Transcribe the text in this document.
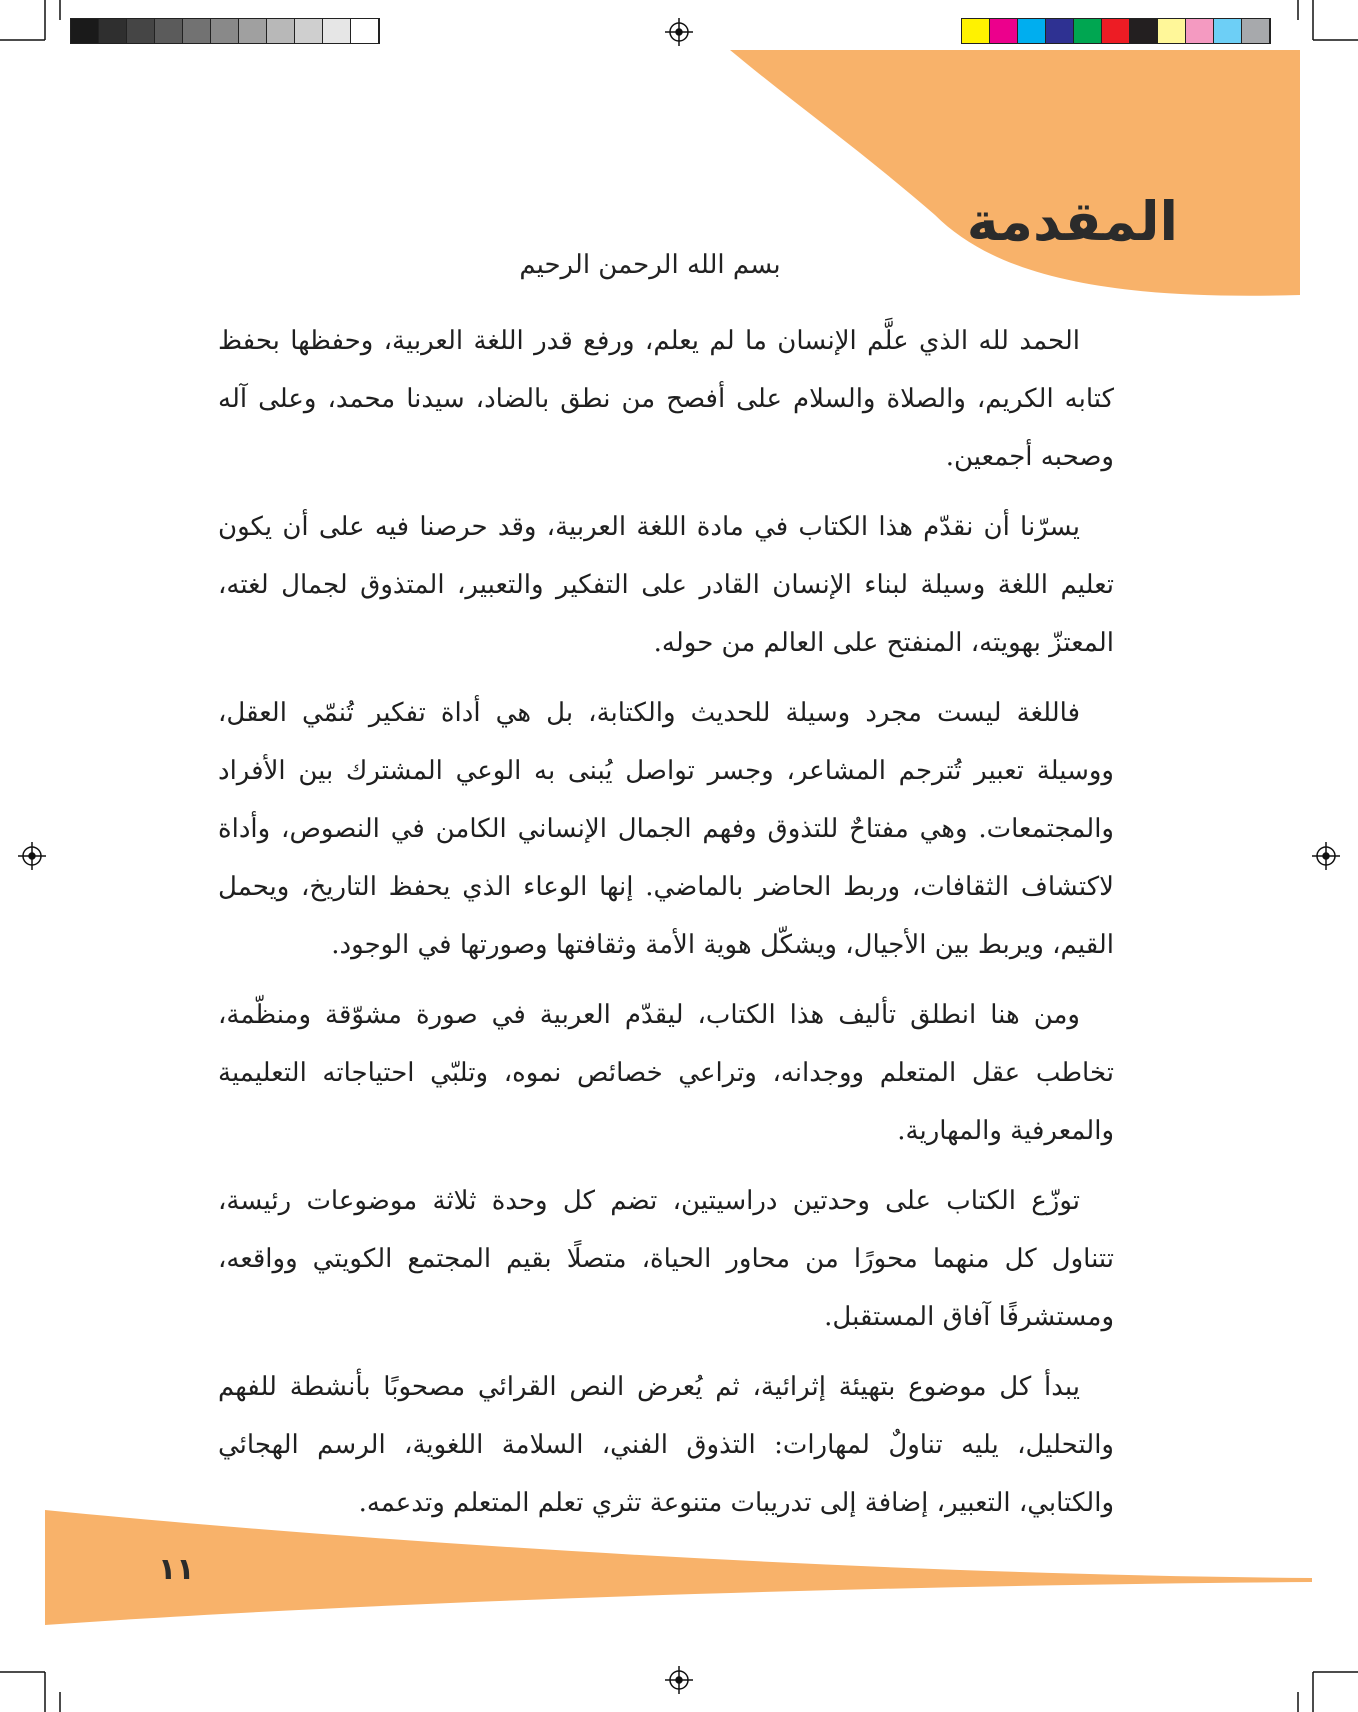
المقدمة

بسم الله الرحمن الرحيم

الحمد لله الذي علَّم الإنسان ما لم يعلم، ورفع قدر اللغة العربية، وحفظها بحفظ كتابه الكريم، والصلاة والسلام على أفصح من نطق بالضاد، سيدنا محمد، وعلى آله وصحبه أجمعين.

يسرّنا أن نقدّم هذا الكتاب في مادة اللغة العربية، وقد حرصنا فيه على أن يكون تعليم اللغة وسيلة لبناء الإنسان القادر على التفكير والتعبير، المتذوق لجمال لغته، المعتزّ بهويته، المنفتح على العالم من حوله.

فاللغة ليست مجرد وسيلة للحديث والكتابة، بل هي أداة تفكير تُنمّي العقل، ووسيلة تعبير تُترجم المشاعر، وجسر تواصل يُبنى به الوعي المشترك بين الأفراد والمجتمعات. وهي مفتاحٌ للتذوق وفهم الجمال الإنساني الكامن في النصوص، وأداة لاكتشاف الثقافات، وربط الحاضر بالماضي. إنها الوعاء الذي يحفظ التاريخ، ويحمل القيم، ويربط بين الأجيال، ويشكّل هوية الأمة وثقافتها وصورتها في الوجود.

ومن هنا انطلق تأليف هذا الكتاب، ليقدّم العربية في صورة مشوّقة ومنظّمة، تخاطب عقل المتعلم ووجدانه، وتراعي خصائص نموه، وتلبّي احتياجاته التعليمية والمعرفية والمهارية.

توزّع الكتاب على وحدتين دراسيتين، تضم كل وحدة ثلاثة موضوعات رئيسة، تتناول كل منهما محورًا من محاور الحياة، متصلًا بقيم المجتمع الكويتي وواقعه، ومستشرفًا آفاق المستقبل.

يبدأ كل موضوع بتهيئة إثرائية، ثم يُعرض النص القرائي مصحوبًا بأنشطة للفهم والتحليل، يليه تناولٌ لمهارات: التذوق الفني، السلامة اللغوية، الرسم الهجائي والكتابي، التعبير، إضافة إلى تدريبات متنوعة تثري تعلم المتعلم وتدعمه.

١١
